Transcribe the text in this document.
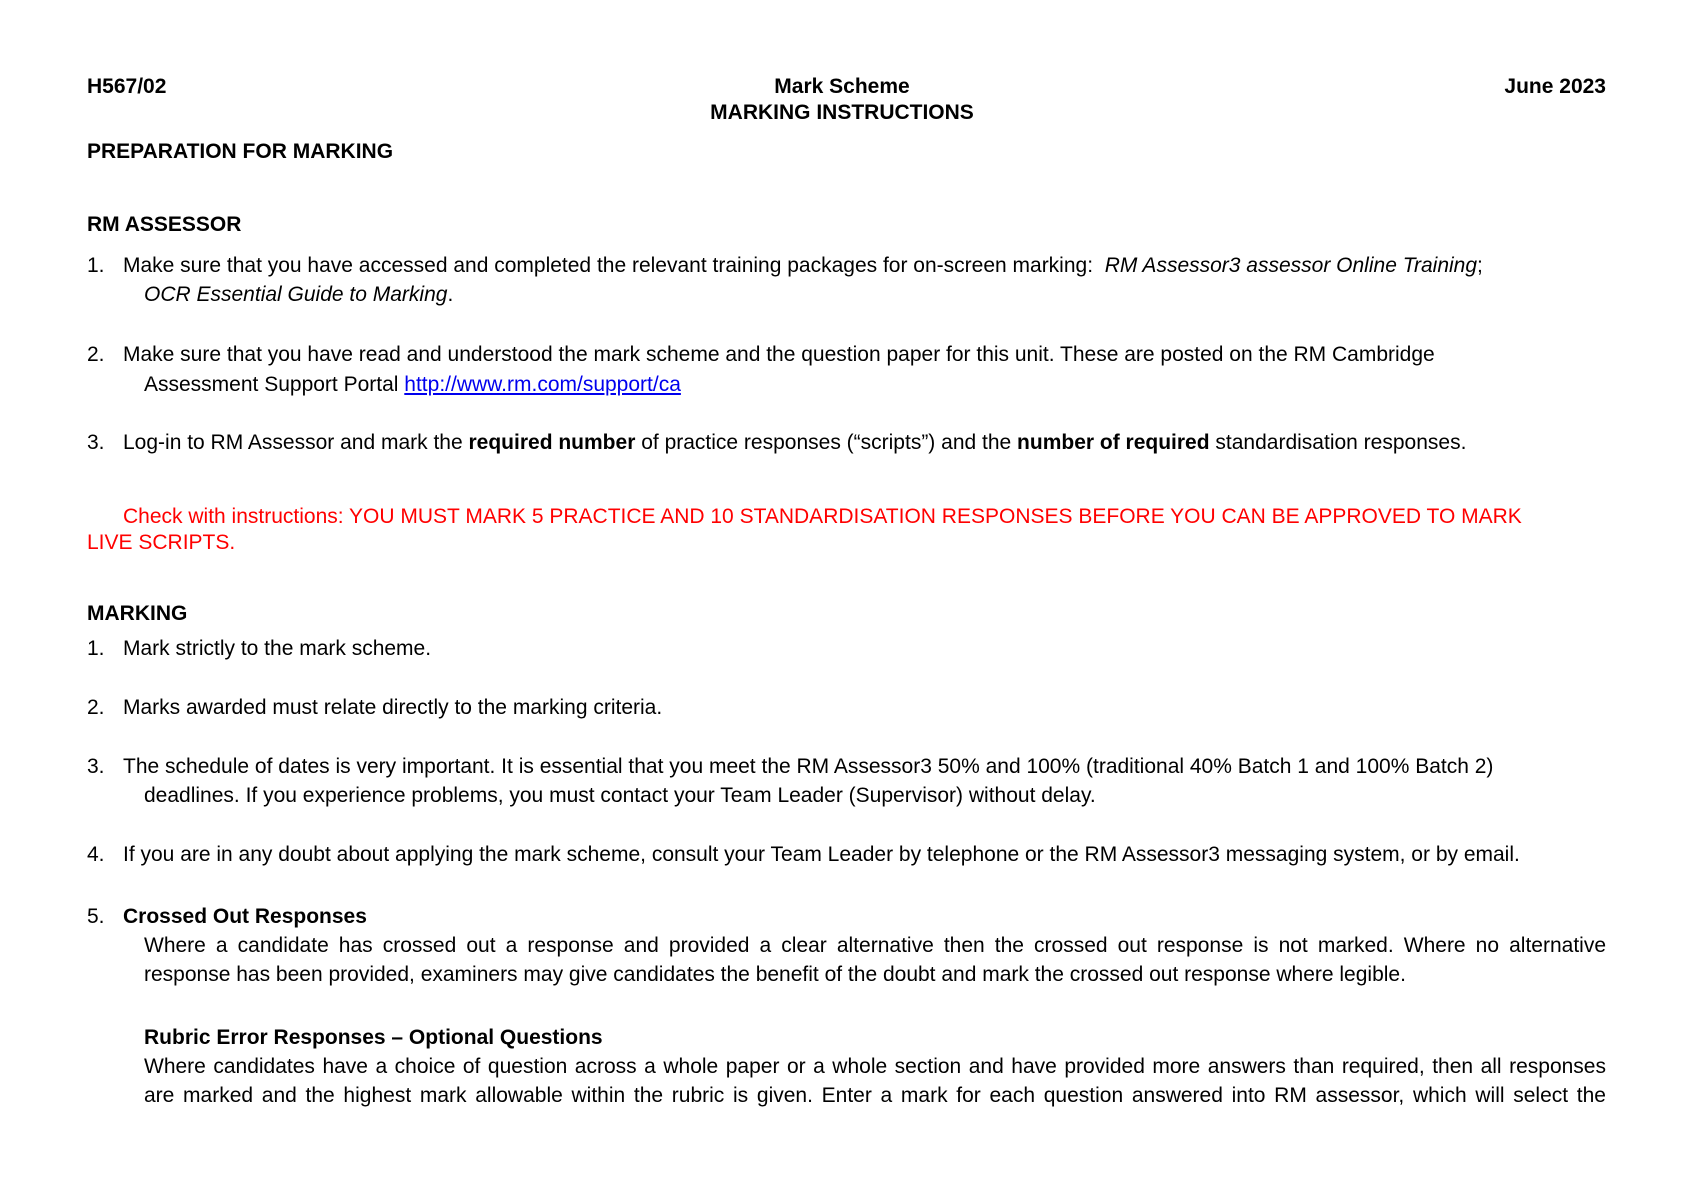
H567/02	Mark Scheme
MARKING INSTRUCTIONS
June 2023
PREPARATION FOR MARKING
RM ASSESSOR
1. Make sure that you have accessed and completed the relevant training packages for on-screen marking: RM Assessor3 assessor Online Training;
OCR Essential Guide to Marking.
2. Make sure that you have read and understood the mark scheme and the question paper for this unit. These are posted on the RM Cambridge
Assessment Support Portal http://www.rm.com/support/ca
3. Log-in to RM Assessor and mark the required number of practice responses (“scripts”) and the number of required standardisation responses.
Check with instructions: YOU MUST MARK 5 PRACTICE AND 10 STANDARDISATION RESPONSES BEFORE YOU CAN BE APPROVED TO MARK
LIVE SCRIPTS.
MARKING
1. Mark strictly to the mark scheme.
2. Marks awarded must relate directly to the marking criteria.
3. The schedule of dates is very important. It is essential that you meet the RM Assessor3 50% and 100% (traditional 40% Batch 1 and 100% Batch 2)
deadlines. If you experience problems, you must contact your Team Leader (Supervisor) without delay.
4. If you are in any doubt about applying the mark scheme, consult your Team Leader by telephone or the RM Assessor3 messaging system, or by email.
5. Crossed Out Responses
Where a candidate has crossed out a response and provided a clear alternative then the crossed out response is not marked. Where no alternative
response has been provided, examiners may give candidates the benefit of the doubt and mark the crossed out response where legible.
Rubric Error Responses – Optional Questions
Where candidates have a choice of question across a whole paper or a whole section and have provided more answers than required, then all responses
are marked and the highest mark allowable within the rubric is given. Enter a mark for each question answered into RM assessor, which will select the
